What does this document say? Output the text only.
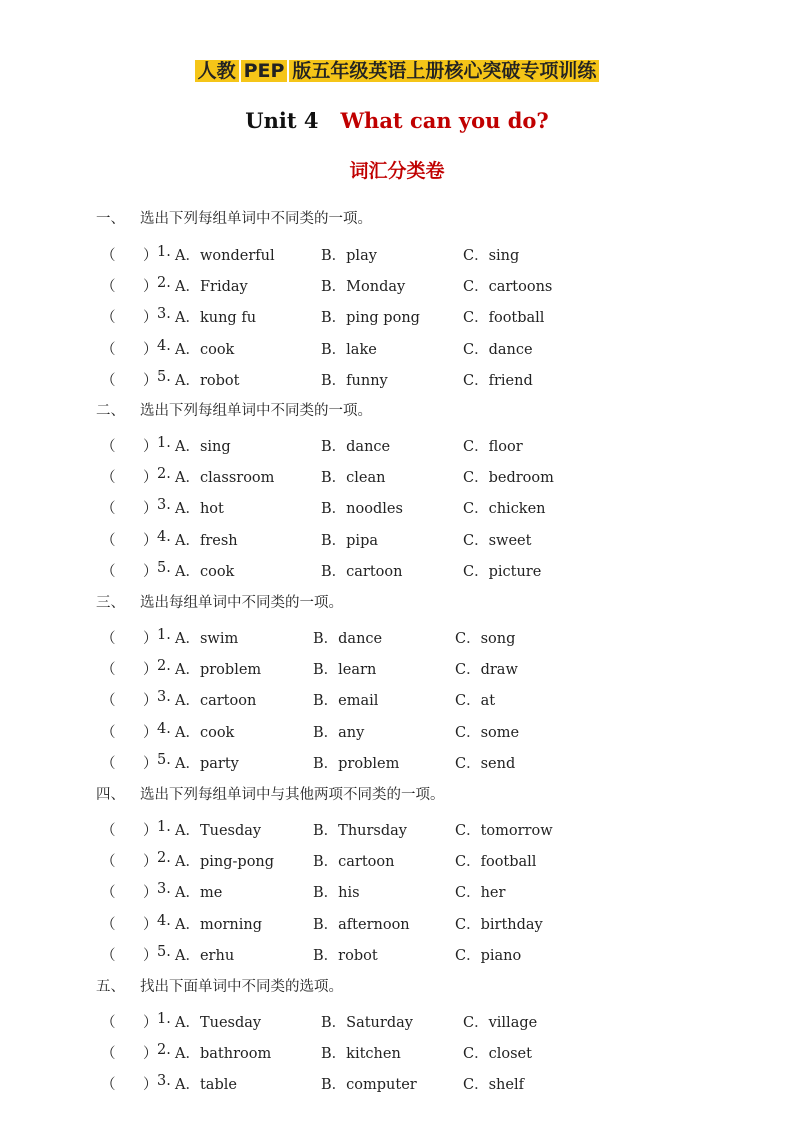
人教 PEP 版五年级英语上册核心突破专项训练
Unit 4 What can you do?
词汇分类卷
一、 选出下列每组单词中不同类的一项。
（ ） 1. A．wonderful	B．play	C．sing
（ ） 2. A．Friday	B．Monday	C．cartoons
（ ） 3. A．kung fu	B．ping pong	C．football
（ ） 4. A．cook	B．lake	C．dance
（ ） 5. A．robot	B．funny	C．friend
二、 选出下列每组单词中不同类的一项。
（ ） 1. A．sing	B．dance	C．floor
（ ） 2. A．classroom	B．clean	C．bedroom
（ ） 3. A．hot	B．noodles	C．chicken
（ ） 4. A．fresh	B．pipa	C．sweet
（ ） 5. A．cook	B．cartoon	C．picture
三、 选出每组单词中不同类的一项。
（ ） 1. A．swim	B．dance	C．song
（ ） 2. A．problem	B．learn	C．draw
（ ） 3. A．cartoon	B．email	C．at
（ ） 4. A．cook	B．any	C．some
（ ） 5. A．party	B．problem	C．send
四、 选出下列每组单词中与其他两项不同类的一项。
（ ） 1. A．Tuesday	B．Thursday	C．tomorrow
（ ） 2. A．ping-pong	B．cartoon	C．football
（ ） 3. A．me	B．his	C．her
（ ） 4. A．morning	B．afternoon	C．birthday
（ ） 5. A．erhu	B．robot	C．piano
五、 找出下面单词中不同类的选项。
（ ） 1. A．Tuesday	B．Saturday	C．village
（ ） 2. A．bathroom	B．kitchen	C．closet
（ ） 3. A．table	B．computer	C．shelf
